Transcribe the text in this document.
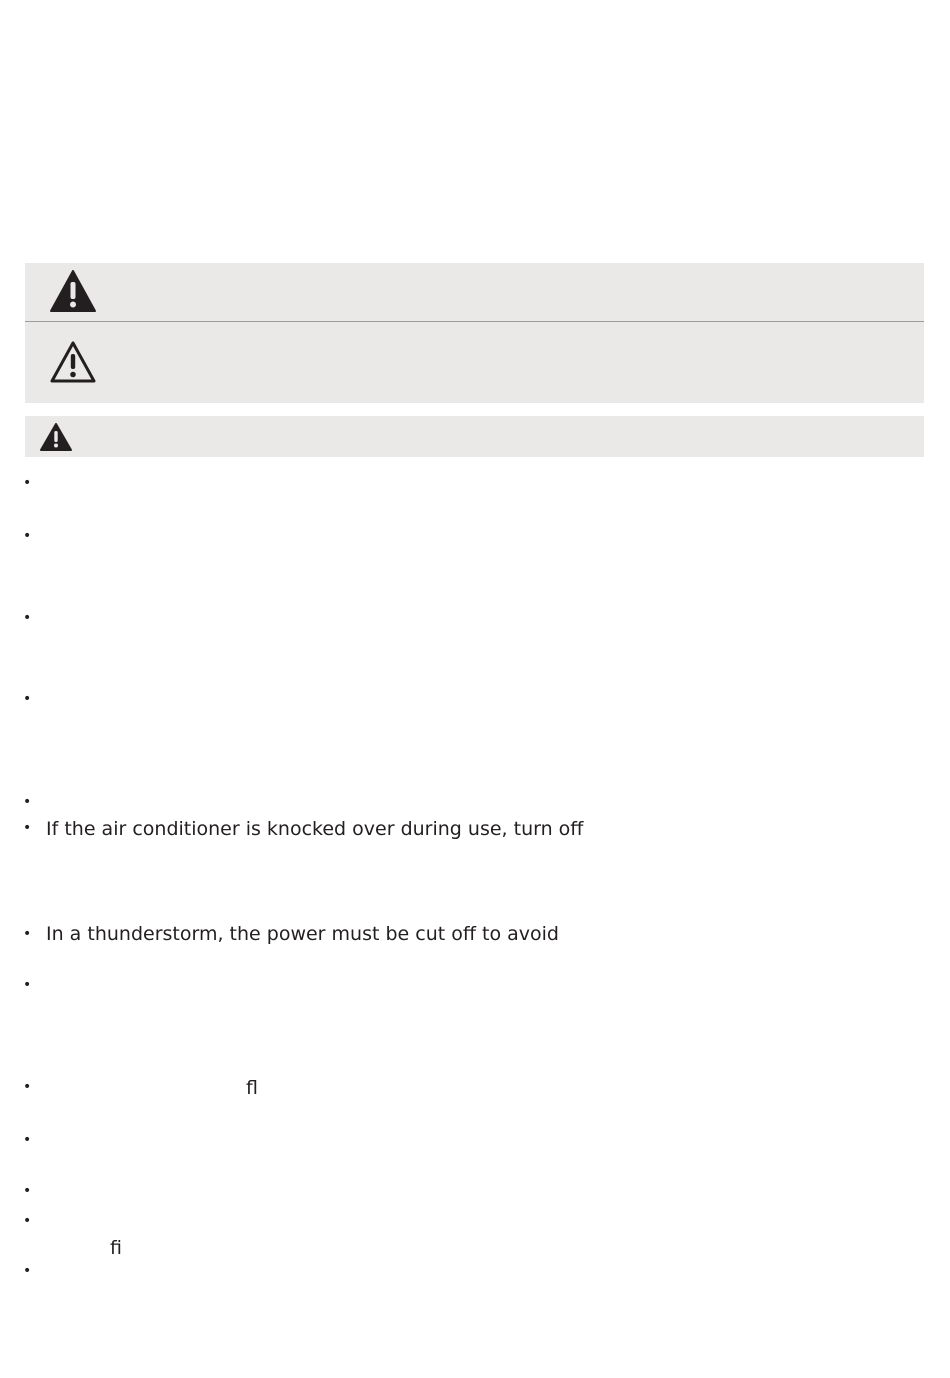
•
•
•
•
•
• If the air conditioner is knocked over during use, turn off
• In a thunderstorm, the power must be cut off to avoid
•
•	fl
•
•
•
fi
•
